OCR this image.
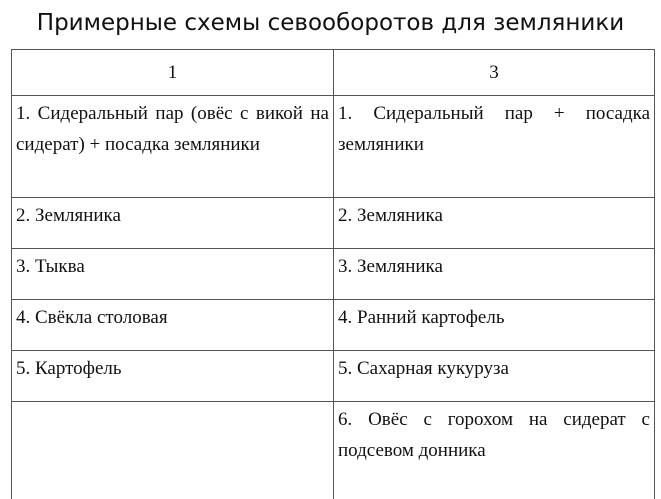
Примерные схемы севооборотов для земляники
1	3
1. Сидеральный пар (овёс с викой на сидерат) + посадка земляники	1. Сидеральный пар + посадка земляники
2. Земляника	2. Земляника
3. Тыква	3. Земляника
4. Свёкла столовая	4. Ранний картофель
5. Картофель	5. Сахарная кукуруза
	6. Овёс с горохом на сидерат с подсевом донника
